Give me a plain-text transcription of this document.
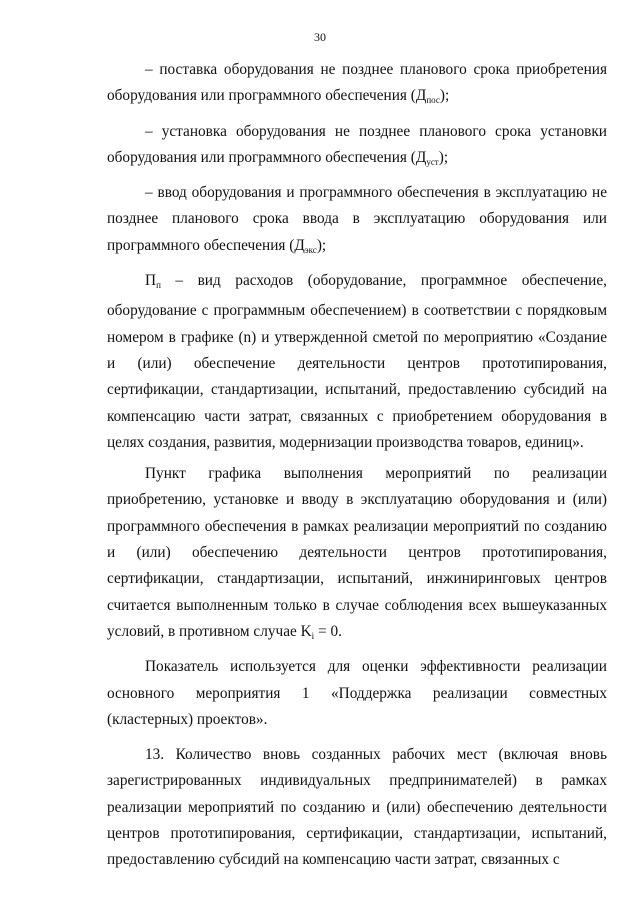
30

– поставка оборудования не позднее планового срока приобретения оборудования или программного обеспечения $(Д_{пос})$;

– установка оборудования не позднее планового срока установки оборудования или программного обеспечения $(Д_{уст})$;

– ввод оборудования и программного обеспечения в эксплуатацию не позднее планового срока ввода в эксплуатацию оборудования или программного обеспечения $(Д_{экс})$;

$П_п$ – вид расходов (оборудование, программное обеспечение, оборудование с программным обеспечением) в соответствии с порядковым номером в графике (n) и утвержденной сметой по мероприятию «Создание и (или) обеспечение деятельности центров прототипирования, сертификации, стандартизации, испытаний, предоставлению субсидий на компенсацию части затрат, связанных с приобретением оборудования в целях создания, развития, модернизации производства товаров, единиц».

Пункт графика выполнения мероприятий по реализации приобретению, установке и вводу в эксплуатацию оборудования и (или) программного обеспечения в рамках реализации мероприятий по созданию и (или) обеспечению деятельности центров прототипирования, сертификации, стандартизации, испытаний, инжиниринговых центров считается выполненным только в случае соблюдения всех вышеуказанных условий, в противном случае $K_i = 0$.

Показатель используется для оценки эффективности реализации основного мероприятия 1 «Поддержка реализации совместных (кластерных) проектов».

13. Количество вновь созданных рабочих мест (включая вновь зарегистрированных индивидуальных предпринимателей) в рамках реализации мероприятий по созданию и (или) обеспечению деятельности центров прототипирования, сертификации, стандартизации, испытаний, предоставлению субсидий на компенсацию части затрат, связанных с
